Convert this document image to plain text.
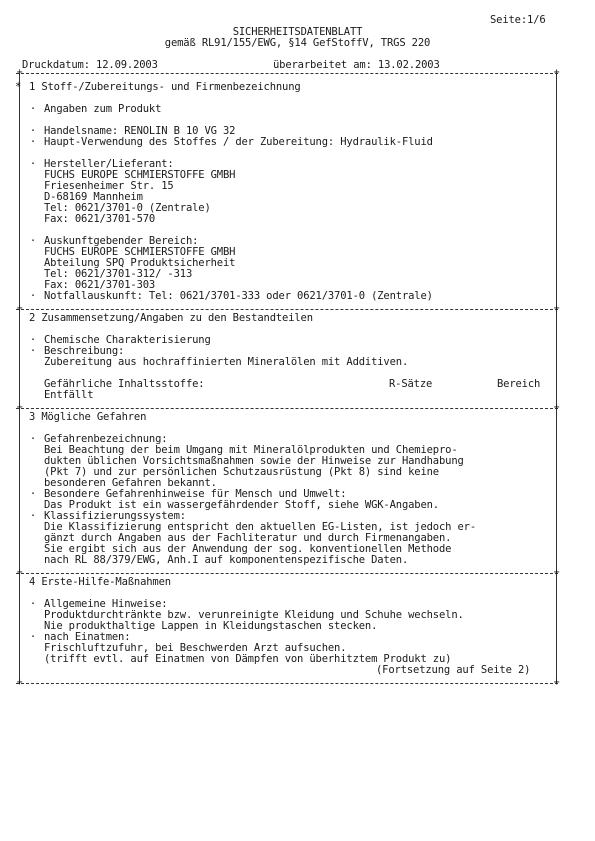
Seite:1/6
SICHERHEITSDATENBLATT
gemäß RL91/155/EWG, §14 GefStoffV, TRGS 220
Druckdatum: 12.09.2003	überarbeitet am: 13.02.2003
+	+
+	+
+	+
+	+
+	+
* 1 Stoff-/Zubereitungs- und Firmenbezeichnung
· Angaben zum Produkt
· Handelsname: RENOLIN B 10 VG 32
· Haupt-Verwendung des Stoffes / der Zubereitung: Hydraulik-Fluid
· Hersteller/Lieferant:
FUCHS EUROPE SCHMIERSTOFFE GMBH
Friesenheimer Str. 15
D-68169 Mannheim
Tel: 0621/3701-0 (Zentrale)
Fax: 0621/3701-570
· Auskunftgebender Bereich:
FUCHS EUROPE SCHMIERSTOFFE GMBH
Abteilung SPQ Produktsicherheit
Tel: 0621/3701-312/ -313
Fax: 0621/3701-303
· Notfallauskunft: Tel: 0621/3701-333 oder 0621/3701-0 (Zentrale)
2 Zusammensetzung/Angaben zu den Bestandteilen
· Chemische Charakterisierung
· Beschreibung:
Zubereitung aus hochraffinierten Mineralölen mit Additiven.
Gefährliche Inhaltsstoffe:	R-Sätze	Bereich
Entfällt
3 Mögliche Gefahren
· Gefahrenbezeichnung:
Bei Beachtung der beim Umgang mit Mineralölprodukten und Chemiepro-
dukten üblichen Vorsichtsmaßnahmen sowie der Hinweise zur Handhabung
(Pkt 7) und zur persönlichen Schutzausrüstung (Pkt 8) sind keine
besonderen Gefahren bekannt.
· Besondere Gefahrenhinweise für Mensch und Umwelt:
Das Produkt ist ein wassergefährdender Stoff, siehe WGK-Angaben.
· Klassifizierungssystem:
Die Klassifizierung entspricht den aktuellen EG-Listen, ist jedoch er-
gänzt durch Angaben aus der Fachliteratur und durch Firmenangaben.
Sie ergibt sich aus der Anwendung der sog. konventionellen Methode
nach RL 88/379/EWG, Anh.I auf komponentenspezifische Daten.
4 Erste-Hilfe-Maßnahmen
· Allgemeine Hinweise:
Produktdurchtränkte bzw. verunreinigte Kleidung und Schuhe wechseln.
Nie produkthaltige Lappen in Kleidungstaschen stecken.
· nach Einatmen:
Frischluftzufuhr, bei Beschwerden Arzt aufsuchen.
(trifft evtl. auf Einatmen von Dämpfen von überhitztem Produkt zu)
(Fortsetzung auf Seite 2)
